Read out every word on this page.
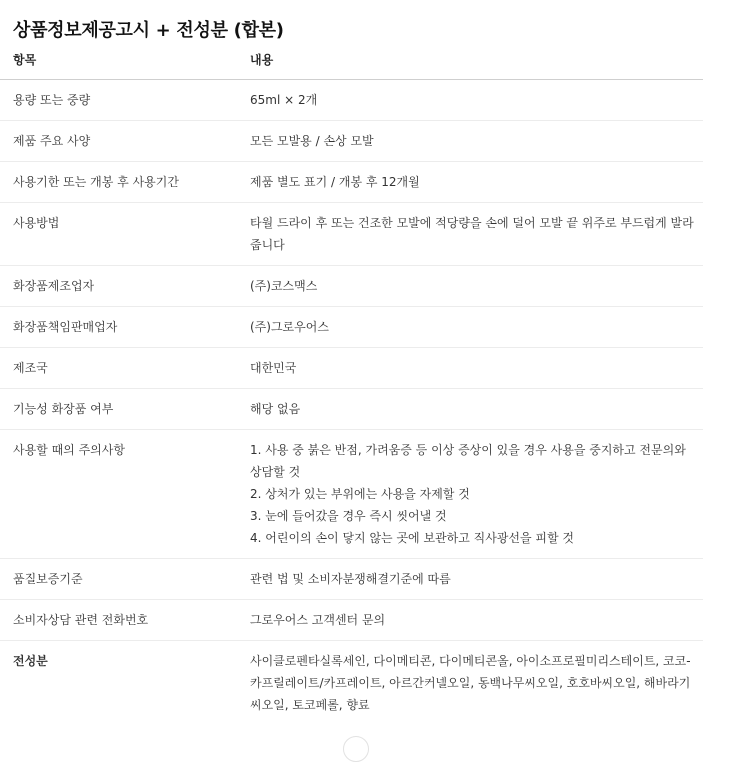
상품정보제공고시 + 전성분 (합본)
항목	내용
용량 또는 중량	65ml × 2개
제품 주요 사양	모든 모발용 / 손상 모발
사용기한 또는 개봉 후 사용기간	제품 별도 표기 / 개봉 후 12개월
사용방법	타월 드라이 후 또는 건조한 모발에 적당량을 손에 덜어 모발 끝 위주로 부드럽게 발라줍니다
화장품제조업자	(주)코스맥스
화장품책임판매업자	(주)그로우어스
제조국	대한민국
기능성 화장품 여부	해당 없음
사용할 때의 주의사항	1. 사용 중 붉은 반점, 가려움증 등 이상 증상이 있을 경우 사용을 중지하고 전문의와 상담할 것
2. 상처가 있는 부위에는 사용을 자제할 것
3. 눈에 들어갔을 경우 즉시 씻어낼 것
4. 어린이의 손이 닿지 않는 곳에 보관하고 직사광선을 피할 것

품질보증기준	관련 법 및 소비자분쟁해결기준에 따름
소비자상담 관련 전화번호	그로우어스 고객센터 문의
전성분	사이클로펜타실록세인, 다이메티콘, 다이메티콘올, 아이소프로필미리스테이트, 코코-카프릴레이트/카프레이트, 아르간커넬오일, 동백나무씨오일, 호호바씨오일, 해바라기씨오일, 토코페롤, 향료
